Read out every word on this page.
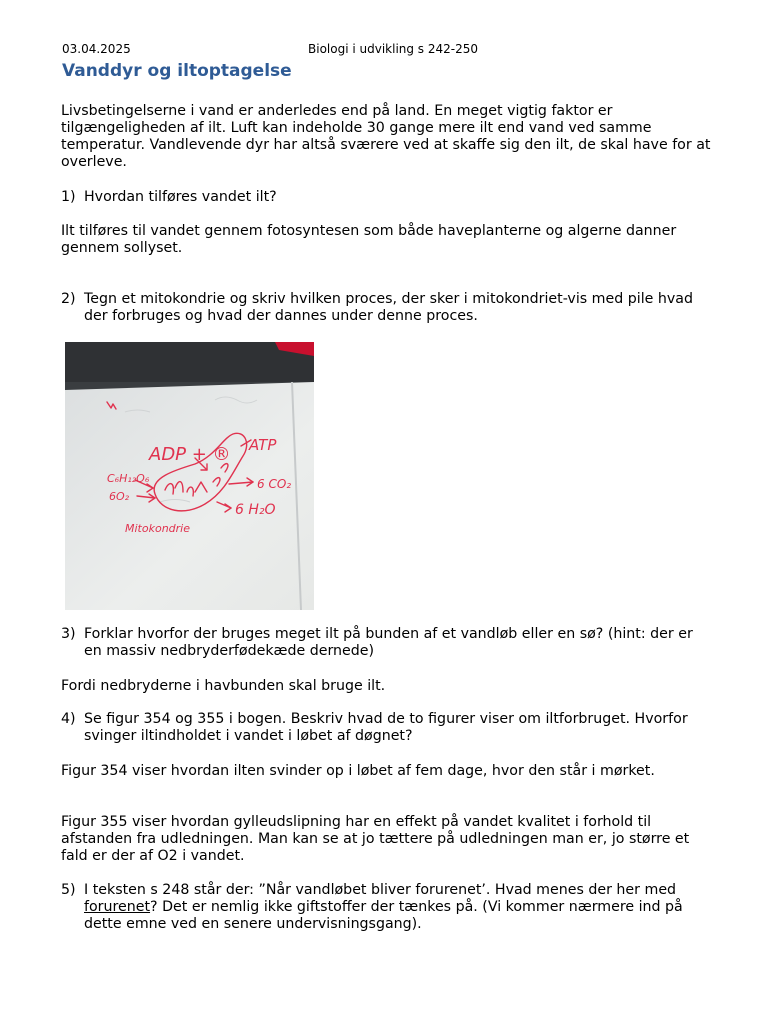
03.04.2025	Biologi i udvikling s 242-250
Vanddyr og iltoptagelse

Livsbetingelserne i vand er anderledes end på land. En meget vigtig faktor er tilgængeligheden af ilt. Luft kan indeholde 30 gange mere ilt end vand ved samme temperatur. Vandlevende dyr har altså sværere ved at skaffe sig den ilt, de skal have for at overleve.

1) Hvordan tilføres vandet ilt?

Ilt tilføres til vandet gennem fotosyntesen som både haveplanterne og algerne danner gennem sollyset.

2) Tegn et mitokondrie og skriv hvilken proces, der sker i mitokondriet-vis med pile hvad der forbruges og hvad der dannes under denne proces.
ADP + ® ATP
C₆H₁₂O₆
6O₂
6 CO₂
6 H₂O
Mitokondrie
3) Forklar hvorfor der bruges meget ilt på bunden af et vandløb eller en sø? (hint: der er en massiv nedbryderfødekæde dernede)

Fordi nedbryderne i havbunden skal bruge ilt.

4) Se figur 354 og 355 i bogen. Beskriv hvad de to figurer viser om iltforbruget. Hvorfor svinger iltindholdet i vandet i løbet af døgnet?

Figur 354 viser hvordan ilten svinder op i løbet af fem dage, hvor den står i mørket.

Figur 355 viser hvordan gylleudslipning har en effekt på vandet kvalitet i forhold til afstanden fra udledningen. Man kan se at jo tættere på udledningen man er, jo større et fald er der af O2 i vandet.

5) I teksten s 248 står der: ”Når vandløbet bliver forurenet’. Hvad menes der her med forurenet? Det er nemlig ikke giftstoffer der tænkes på. (Vi kommer nærmere ind på dette emne ved en senere undervisningsgang).
